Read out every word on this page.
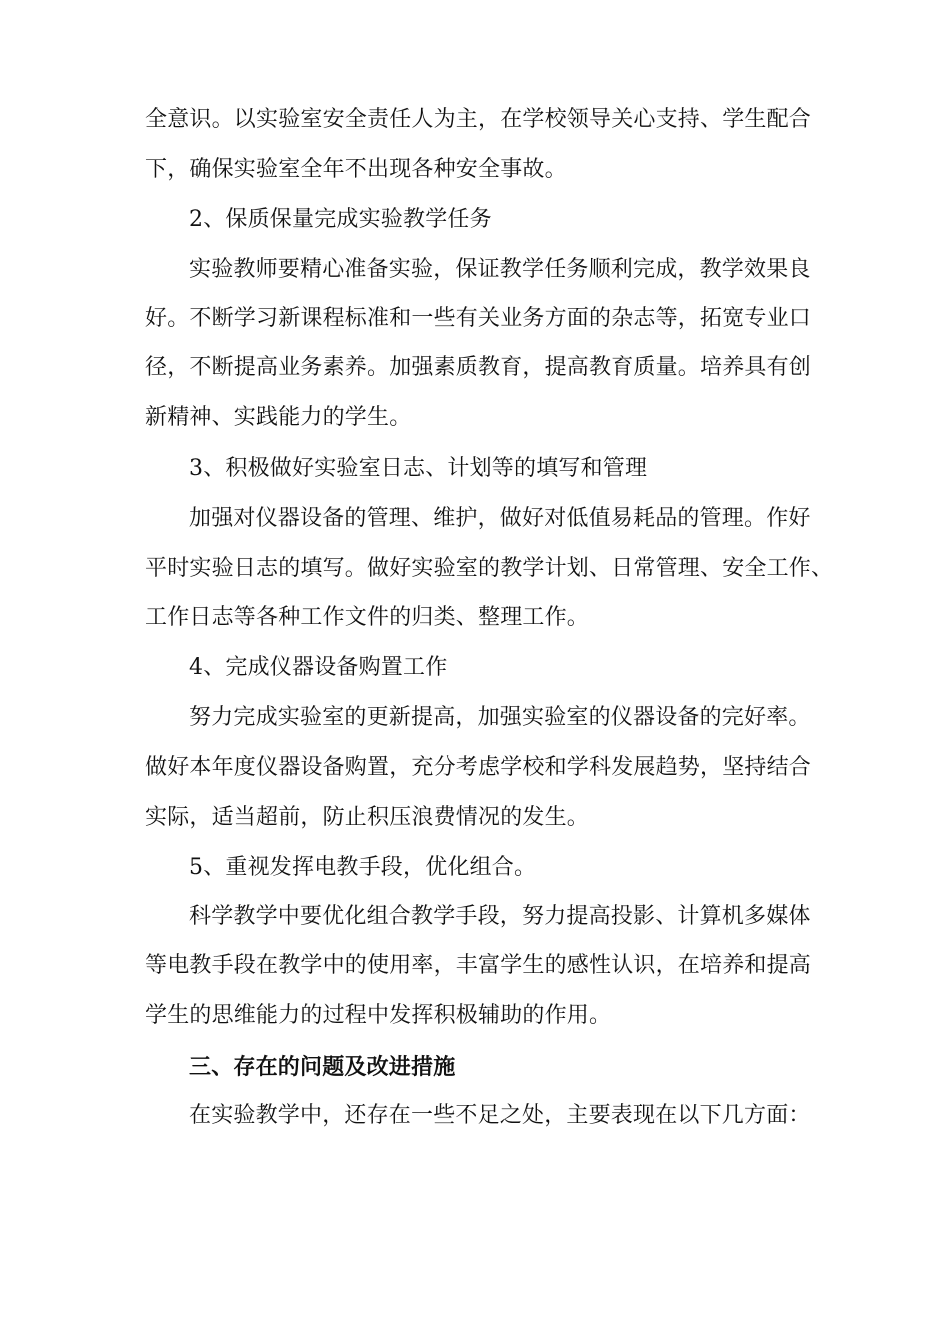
全意识。以实验室安全责任人为主，在学校领导关心支持、学生配合
下，确保实验室全年不出现各种安全事故。
2、保质保量完成实验教学任务
实验教师要精心准备实验，保证教学任务顺利完成，教学效果良
好。不断学习新课程标准和一些有关业务方面的杂志等，拓宽专业口
径，不断提高业务素养。加强素质教育，提高教育质量。培养具有创
新精神、实践能力的学生。
3、积极做好实验室日志、计划等的填写和管理
加强对仪器设备的管理、维护，做好对低值易耗品的管理。作好
平时实验日志的填写。做好实验室的教学计划、日常管理、安全工作、
工作日志等各种工作文件的归类、整理工作。
4、完成仪器设备购置工作
努力完成实验室的更新提高，加强实验室的仪器设备的完好率。
做好本年度仪器设备购置，充分考虑学校和学科发展趋势，坚持结合
实际，适当超前，防止积压浪费情况的发生。
5、重视发挥电教手段，优化组合。
科学教学中要优化组合教学手段，努力提高投影、计算机多媒体
等电教手段在教学中的使用率，丰富学生的感性认识，在培养和提高
学生的思维能力的过程中发挥积极辅助的作用。
三、存在的问题及改进措施
在实验教学中，还存在一些不足之处，主要表现在以下几方面：
